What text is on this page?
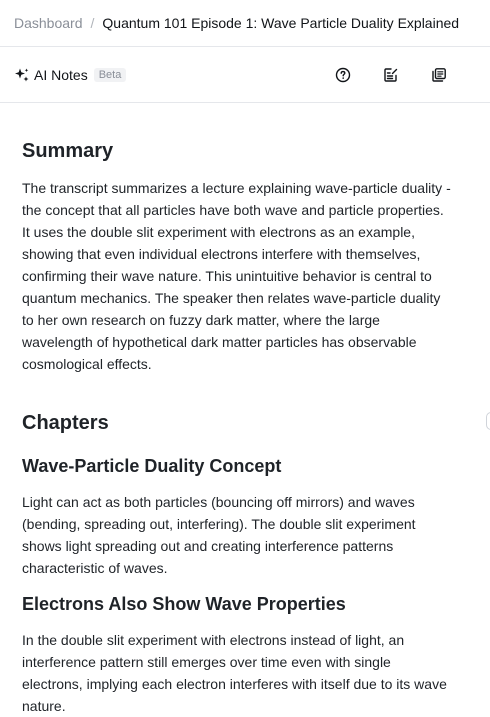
Dashboard / Quantum 101 Episode 1: Wave Particle Duality Explained
AI Notes	Beta
Summary

The transcript summarizes a lecture explaining wave-particle duality - the concept that all particles have both wave and particle properties. It uses the double slit experiment with electrons as an example, showing that even individual electrons interfere with themselves, confirming their wave nature. This unintuitive behavior is central to quantum mechanics. The speaker then relates wave-particle duality to her own research on fuzzy dark matter, where the large wavelength of hypothetical dark matter particles has observable cosmological effects.

Chapters
Wave-Particle Duality Concept

Light can act as both particles (bouncing off mirrors) and waves (bending, spreading out, interfering). The double slit experiment shows light spreading out and creating interference patterns characteristic of waves.

Electrons Also Show Wave Properties

In the double slit experiment with electrons instead of light, an interference pattern still emerges over time even with single electrons, implying each electron interferes with itself due to its wave nature.
